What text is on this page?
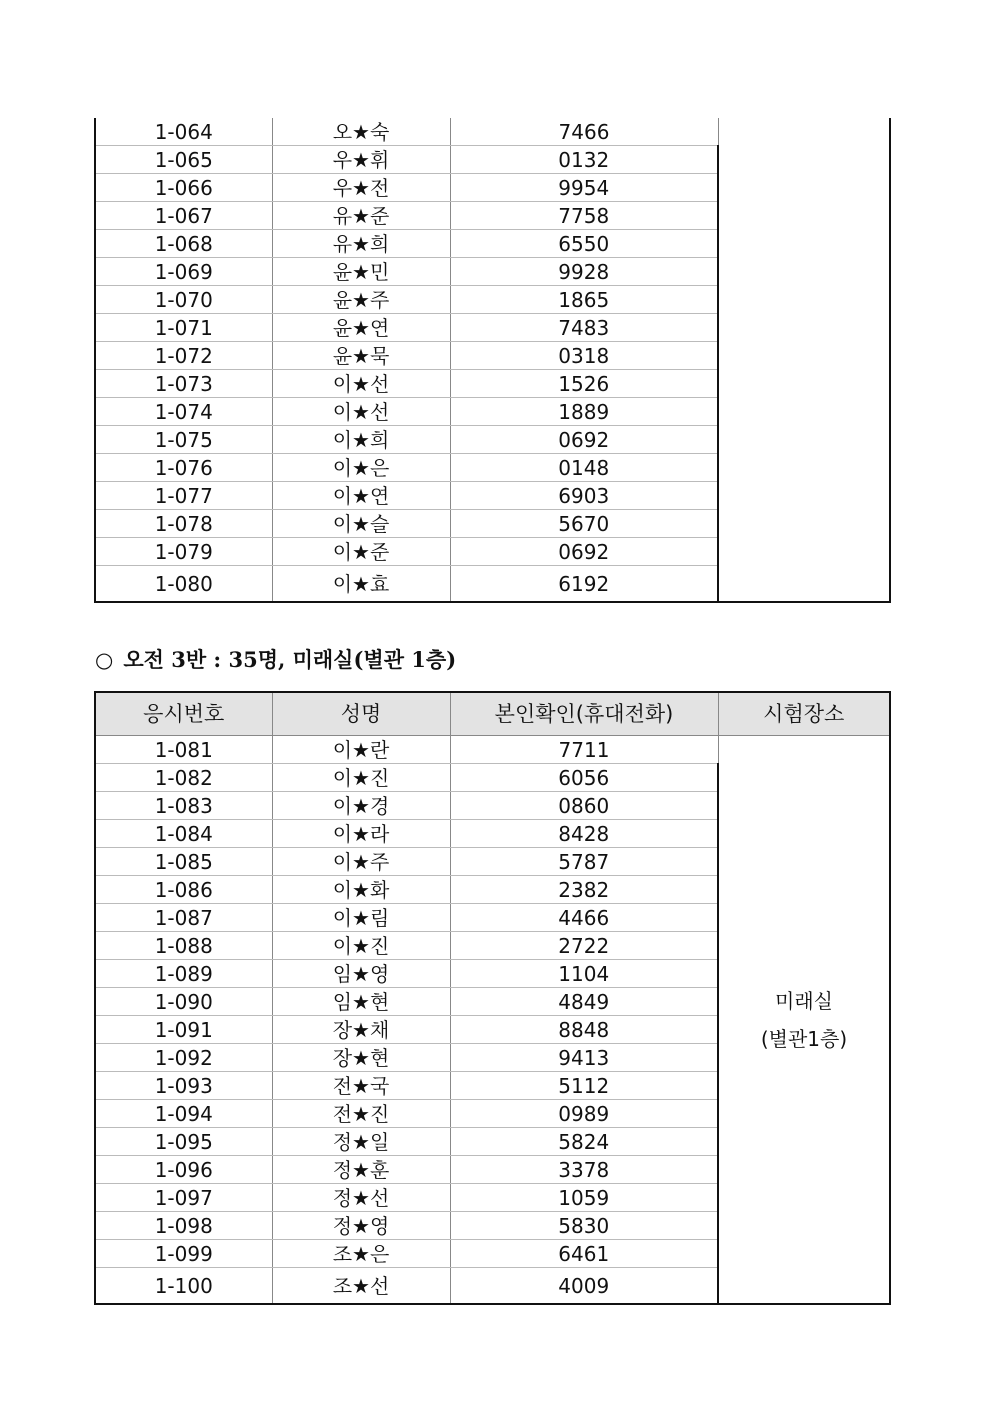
1-064	오★숙	7466	
1-065	우★휘	0132	
1-066	우★전	9954	
1-067	유★준	7758	
1-068	유★희	6550	
1-069	윤★민	9928	
1-070	윤★주	1865	
1-071	윤★연	7483	
1-072	윤★묵	0318	
1-073	이★선	1526	
1-074	이★선	1889	
1-075	이★희	0692	
1-076	이★은	0148	
1-077	이★연	6903	
1-078	이★슬	5670	
1-079	이★준	0692	
1-080	이★효	6192	
○ 오전 3반 : 35명, 미래실(별관 1층)
응시번호	성명	본인확인(휴대전화)	시험장소
1-081	이★란	7711	미래실
(별관1층)

1-082	이★진	6056	
1-083	이★경	0860	
1-084	이★라	8428	
1-085	이★주	5787	
1-086	이★화	2382	
1-087	이★림	4466	
1-088	이★진	2722	
1-089	임★영	1104	
1-090	임★현	4849	
1-091	장★채	8848	
1-092	장★현	9413	
1-093	전★국	5112	
1-094	전★진	0989	
1-095	정★일	5824	
1-096	정★훈	3378	
1-097	정★선	1059	
1-098	정★영	5830	
1-099	조★은	6461	
1-100	조★선	4009	
